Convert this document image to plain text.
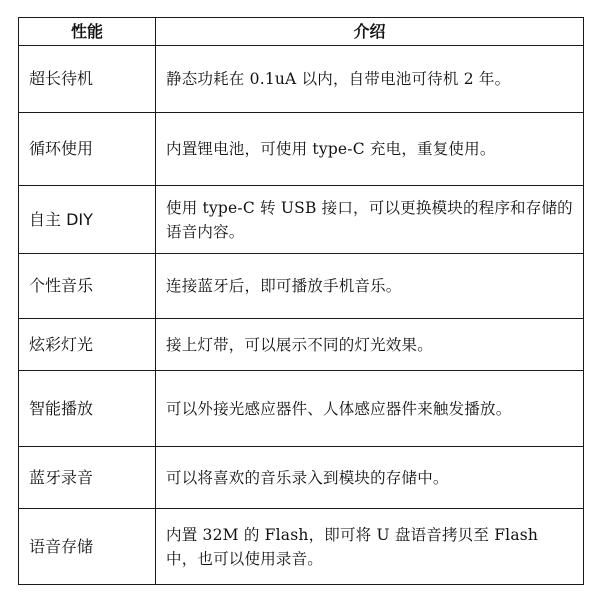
性能	介绍
超长待机	静态功耗在 0.1uA 以内，自带电池可待机 2 年。
循环使用	内置锂电池，可使用 type-C 充电，重复使用。
自主 DIY	使用 type-C 转 USB 接口，可以更换模块的程序和存储的语音内容。
个性音乐	连接蓝牙后，即可播放手机音乐。
炫彩灯光	接上灯带，可以展示不同的灯光效果。
智能播放	可以外接光感应器件、人体感应器件来触发播放。
蓝牙录音	可以将喜欢的音乐录入到模块的存储中。
语音存储	内置 32M 的 Flash，即可将 U 盘语音拷贝至 Flash 中，也可以使用录音。
